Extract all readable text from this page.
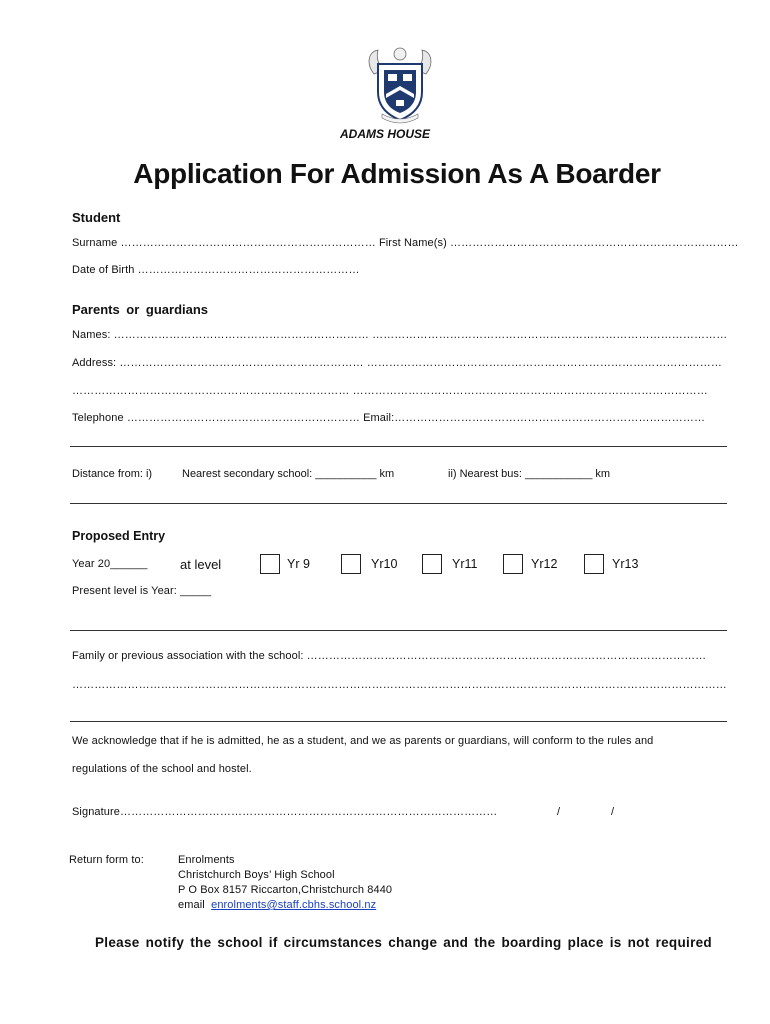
ADAMS HOUSE
Application For Admission As A Boarder
Student
Surname …………………………………………………………… First Name(s) ……………………………………………………………………
Date of Birth ……………………………………………………
Parents or guardians
Names: …………………………………………………………… ……………………………………………………………………………………
Address: ………………………………………………………… ……………………………………………………………………………………
………………………………………………………………… ……………………………………………………………………………………
Telephone ……………………………………………………… Email:…………………………………………………………………………
Distance from: i)	Nearest secondary school: __________ km	ii) Nearest bus: ___________ km
Proposed Entry
Year 20______ at level	Yr 9	Yr10	Yr11	Yr12	Yr13
Present level is Year: _____
Family or previous association with the school: ………………………………………………………………………………………………
……………………………………………………………………………………………………………………………………………………………
We acknowledge that if he is admitted, he as a student, and we as parents or guardians, will conform to the rules and
regulations of the school and hostel.
Signature…………………………………………………………………………………………	/	/
Return form to:	Enrolments
Christchurch Boys’ High School
P O Box 8157 Riccarton,Christchurch 8440
email enrolments@staff.cbhs.school.nz
Please notify the school if circumstances change and the boarding place is not required
